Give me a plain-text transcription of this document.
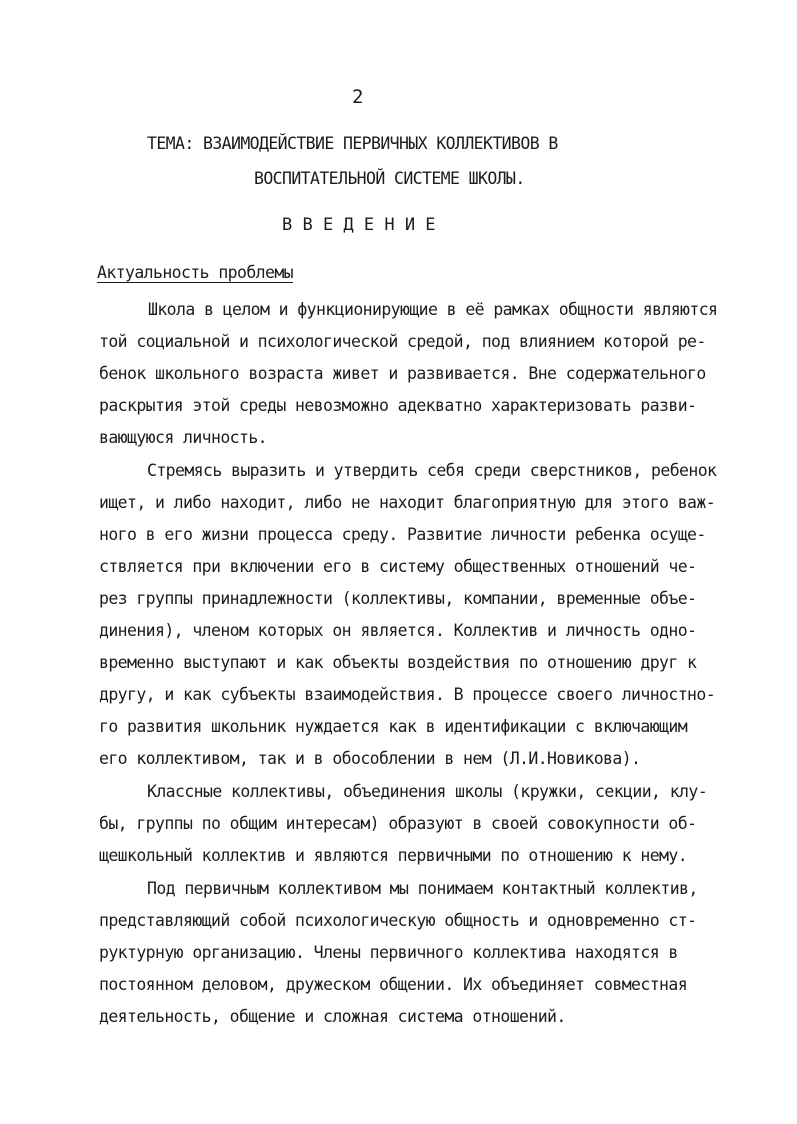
2
ТЕМА: ВЗАИМОДЕЙСТВИЕ ПЕРВИЧНЫХ КОЛЛЕКТИВОВ В
ВОСПИТАТЕЛЬНОЙ СИСТЕМЕ ШКОЛЫ.
В В Е Д Е Н И Е
Актуальность проблемы
Школа в целом и функционирующие в её рамках общности являются
той социальной и психологической средой, под влиянием которой ре-
бенок школьного возраста живет и развивается. Вне содержательного
раскрытия этой среды невозможно адекватно характеризовать разви-
вающуюся личность.
Стремясь выразить и утвердить себя среди сверстников, ребенок
ищет, и либо находит, либо не находит благоприятную для этого важ-
ного в его жизни процесса среду. Развитие личности ребенка осуще-
ствляется при включении его в систему общественных отношений че-
рез группы принадлежности (коллективы, компании, временные объе-
динения), членом которых он является. Коллектив и личность одно-
временно выступают и как объекты воздействия по отношению друг к
другу, и как субъекты взаимодействия. В процессе своего личностно-
го развития школьник нуждается как в идентификации с включающим
его коллективом, так и в обособлении в нем (Л.И.Новикова).
Классные коллективы, объединения школы (кружки, секции, клу-
бы, группы по общим интересам) образуют в своей совокупности об-
щешкольный коллектив и являются первичными по отношению к нему.
Под первичным коллективом мы понимаем контактный коллектив,
представляющий собой психологическую общность и одновременно ст-
руктурную организацию. Члены первичного коллектива находятся в
постоянном деловом, дружеском общении. Их объединяет совместная
деятельность, общение и сложная система отношений.
